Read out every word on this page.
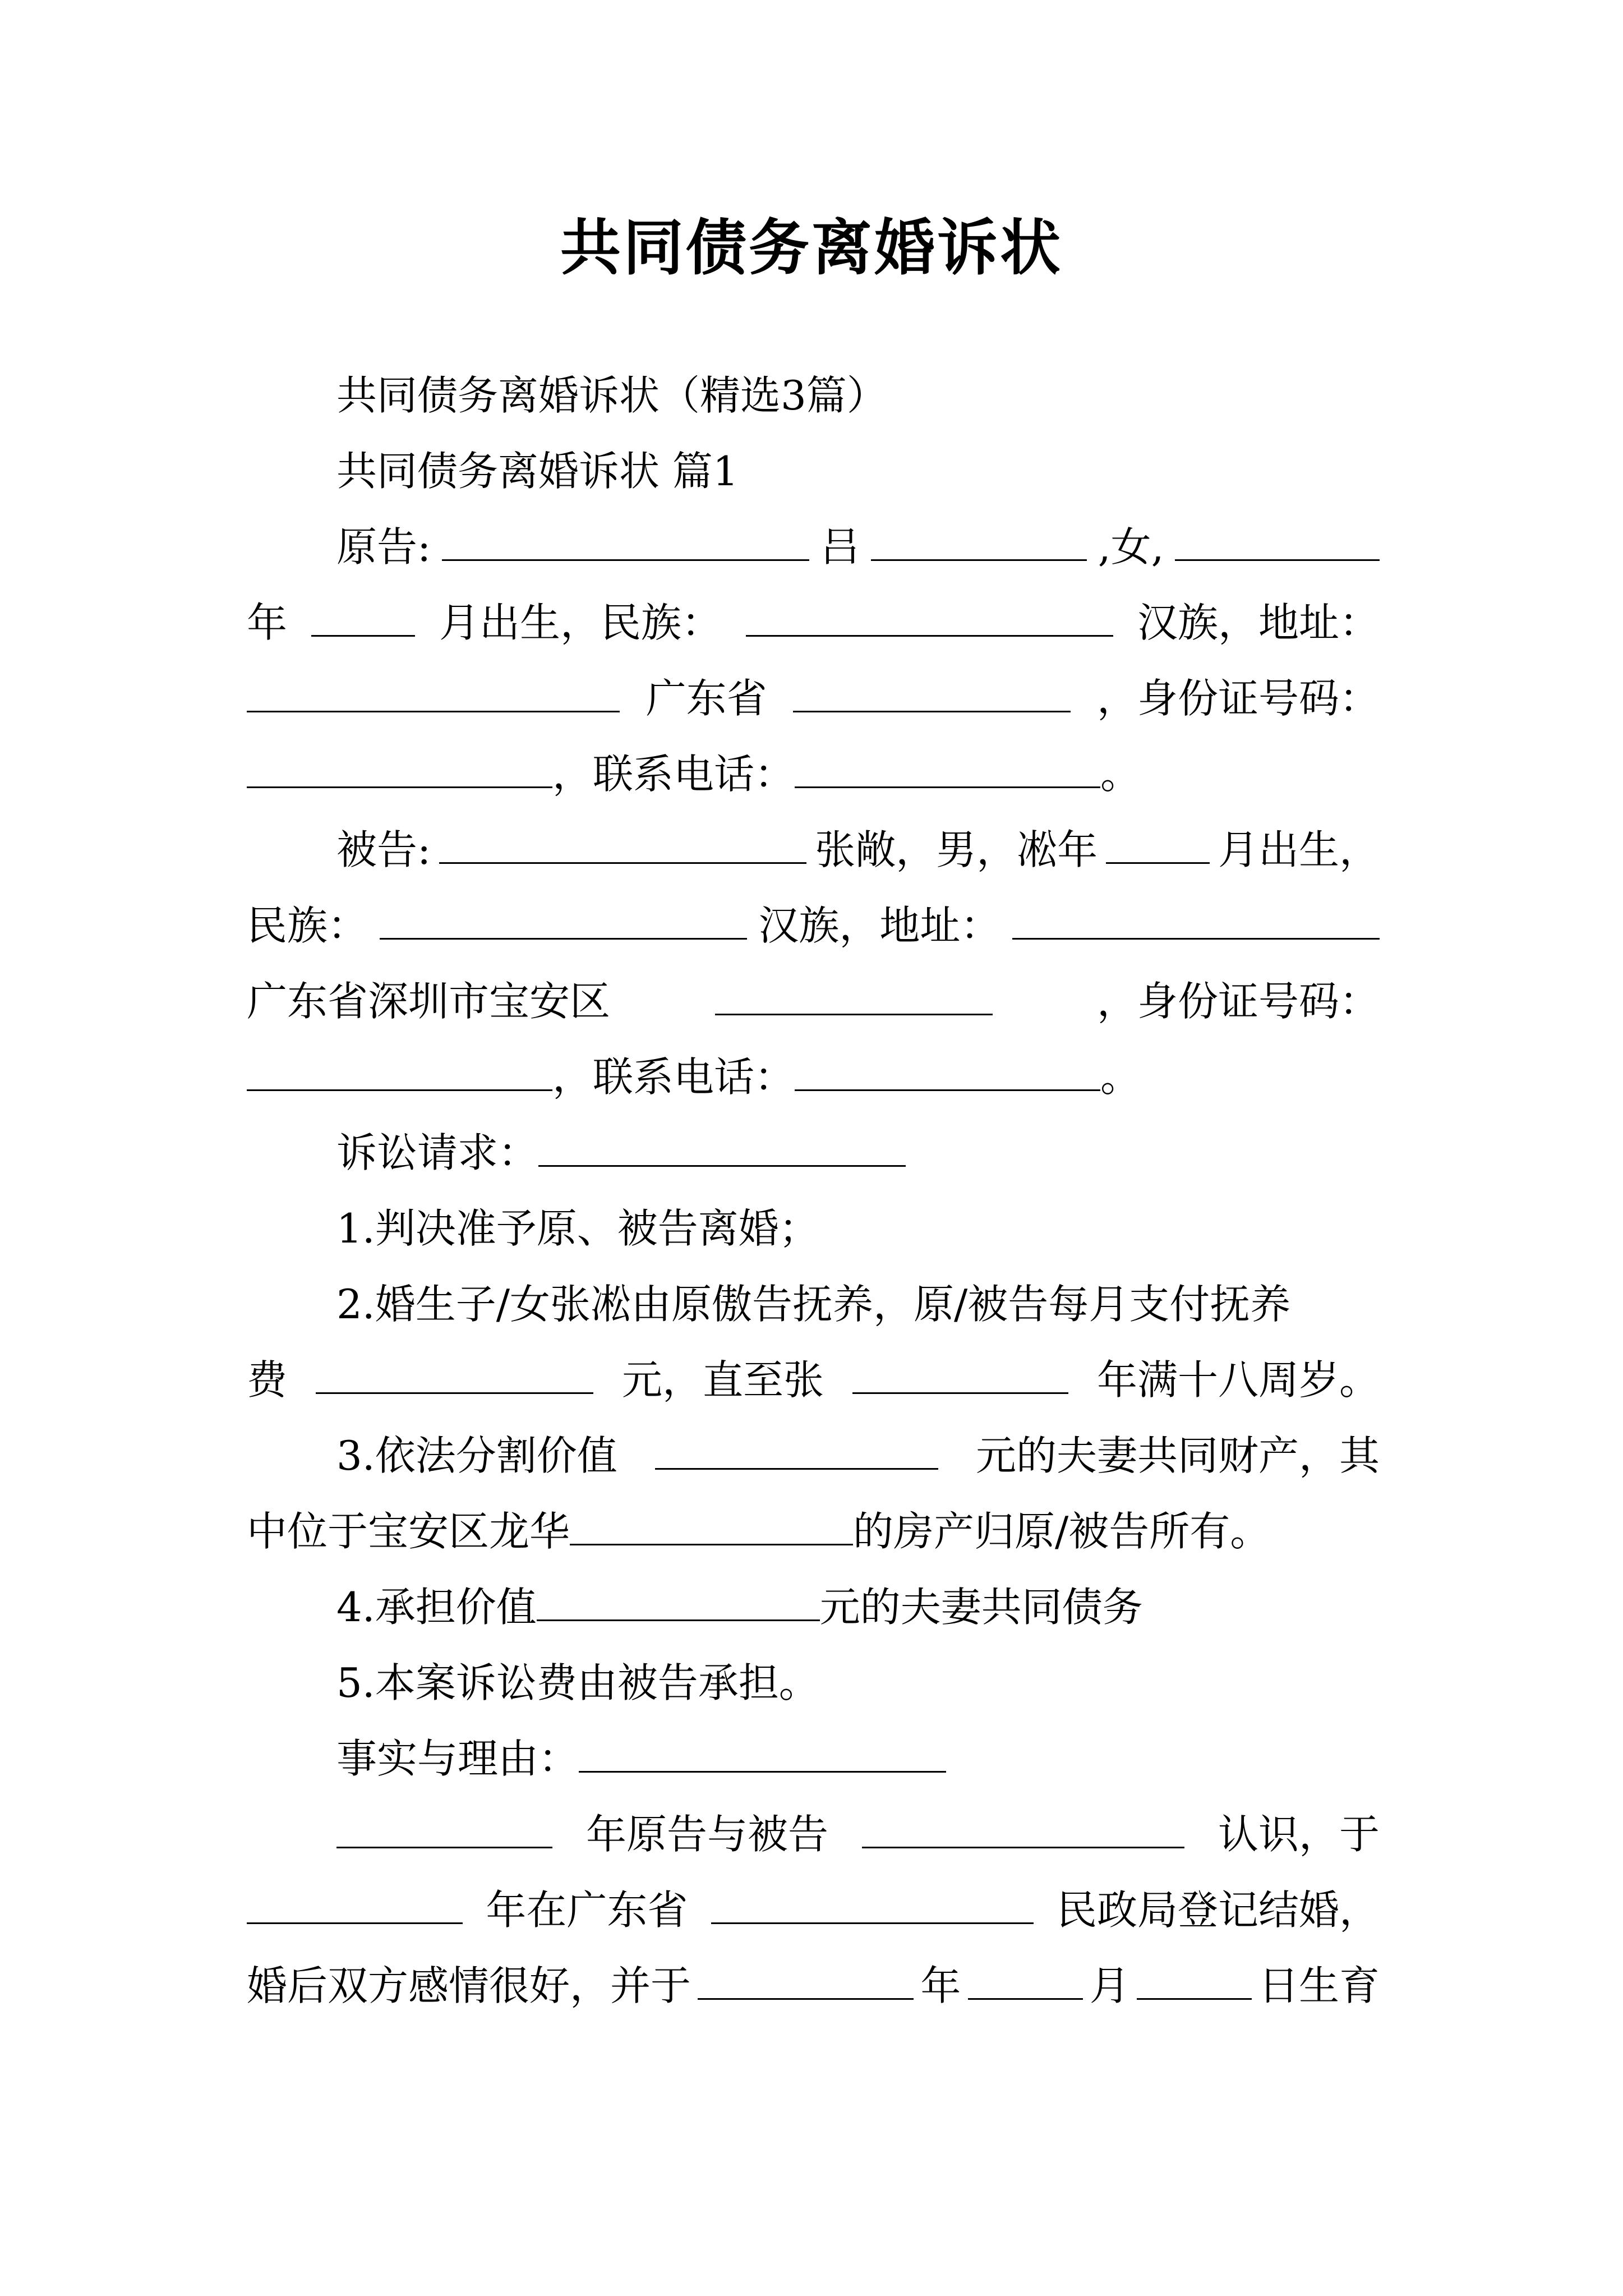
共同债务离婚诉状
共同债务离婚诉状（精选3篇）
共同债务离婚诉状 篇1
原告:	吕	,女,
年	月出生，民族：	汉族，地址：
广东省	，身份证号码：
，联系电话：	。
被告:	张敞，男，凇年	月出生，
民族：	汉族，地址：
广东省深圳市宝安区	，身份证号码：
，联系电话：	。
诉讼请求：
1.判决准予原、被告离婚；
2.婚生子/女张凇由原傲告抚养，原/被告每月支付抚养
费	元，直至张	年满十八周岁。
3.依法分割价值	元的夫妻共同财产，其
中位于宝安区龙华	的房产归原/被告所有。
4.承担价值	元的夫妻共同债务
5.本案诉讼费由被告承担。
事实与理由：
年原告与被告	认识，于
年在广东省	民政局登记结婚，
婚后双方感情很好，并于	年	月	日生育
